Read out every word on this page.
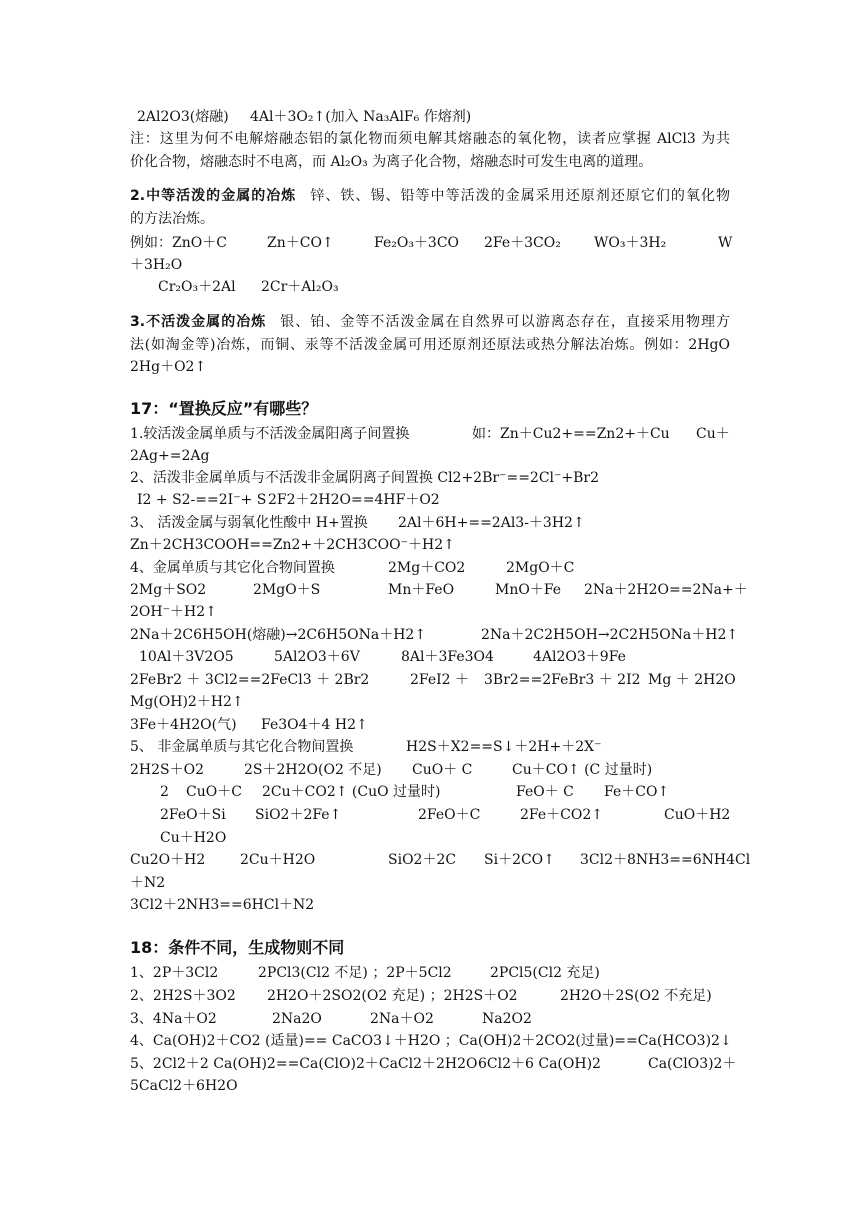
2Al2O3(熔融) 4Al＋3O₂↑(加入 Na₃AlF₆ 作熔剂)
注：这里为何不电解熔融态铝的氯化物而须电解其熔融态的氧化物，读者应掌握 AlCl3 为共
价化合物，熔融态时不电离，而 Al₂O₃ 为离子化合物，熔融态时可发生电离的道理。
2.中等活泼的金属的冶炼 锌、铁、锡、铅等中等活泼的金属采用还原剂还原它们的氧化物
的方法冶炼。
例如：ZnO＋C	Zn＋CO↑	Fe₂O₃＋3CO 2Fe＋3CO₂ WO₃＋3H₂	W
＋3H₂O
Cr₂O₃＋2Al 2Cr＋Al₂O₃
3.不活泼金属的冶炼 银、铂、金等不活泼金属在自然界可以游离态存在，直接采用物理方
法(如淘金等)冶炼，而铜、汞等不活泼金属可用还原剂还原法或热分解法冶炼。例如：2HgO
2Hg＋O2↑
17：“置换反应”有哪些？
1.较活泼金属单质与不活泼金属阳离子间置换	如：Zn＋Cu2+==Zn2+＋Cu Cu＋
2Ag+=2Ag
2、活泼非金属单质与不活泼非金属阴离子间置换 Cl2+2Br⁻==2Cl⁻+Br2
I2 + S2-==2I⁻+ S 2F2＋2H2O==4HF＋O2
3、 活泼金属与弱氧化性酸中 H+置换 2Al＋6H+==2Al3-＋3H2↑
Zn＋2CH3COOH==Zn2+＋2CH3COO⁻＋H2↑
4、金属单质与其它化合物间置换	2Mg＋CO2	2MgO＋C
2Mg＋SO2	2MgO＋S	Mn＋FeO	MnO＋Fe 2Na＋2H2O==2Na+＋
2OH⁻＋H2↑
2Na＋2C6H5OH(熔融)→2C6H5ONa＋H2↑	2Na＋2C2H5OH→2C2H5ONa＋H2↑
10Al＋3V2O5	5Al2O3＋6V	8Al＋3Fe3O4	4Al2O3＋9Fe
2FeBr2 ＋ 3Cl2==2FeCl3 ＋ 2Br2	2FeI2 ＋ 3Br2==2FeBr3 ＋ 2I2 Mg ＋ 2H2O
Mg(OH)2＋H2↑
3Fe＋4H2O(气) Fe3O4＋4 H2↑
5、 非金属单质与其它化合物间置换	H2S＋X2==S↓＋2H+＋2X⁻
2H2S＋O2	2S＋2H2O(O2 不足) CuO＋ C	Cu＋CO↑ (C 过量时)
2 CuO＋C 2Cu＋CO2↑ (CuO 过量时)	FeO＋ C Fe＋CO↑
2FeO＋Si SiO2＋2Fe↑	2FeO＋C	2Fe＋CO2↑	CuO＋H2
Cu＋H2O
Cu2O＋H2 2Cu＋H2O	SiO2＋2C Si＋2CO↑ 3Cl2＋8NH3==6NH4Cl
＋N2
3Cl2＋2NH3==6HCl＋N2
18：条件不同，生成物则不同
1、2P＋3Cl2	2PCl3(Cl2 不足) ；2P＋5Cl2	2PCl5(Cl2 充足)
2、2H2S＋3O2 2H2O＋2SO2(O2 充足) ；2H2S＋O2	2H2O＋2S(O2 不充足)
3、4Na＋O2	2Na2O	2Na＋O2	Na2O2
4、Ca(OH)2＋CO2 (适量)== CaCO3↓＋H2O ；Ca(OH)2＋2CO2(过量)==Ca(HCO3)2↓
5、2Cl2＋2 Ca(OH)2==Ca(ClO)2＋CaCl2＋2H2O 6Cl2＋6 Ca(OH)2	Ca(ClO3)2＋
5CaCl2＋6H2O
